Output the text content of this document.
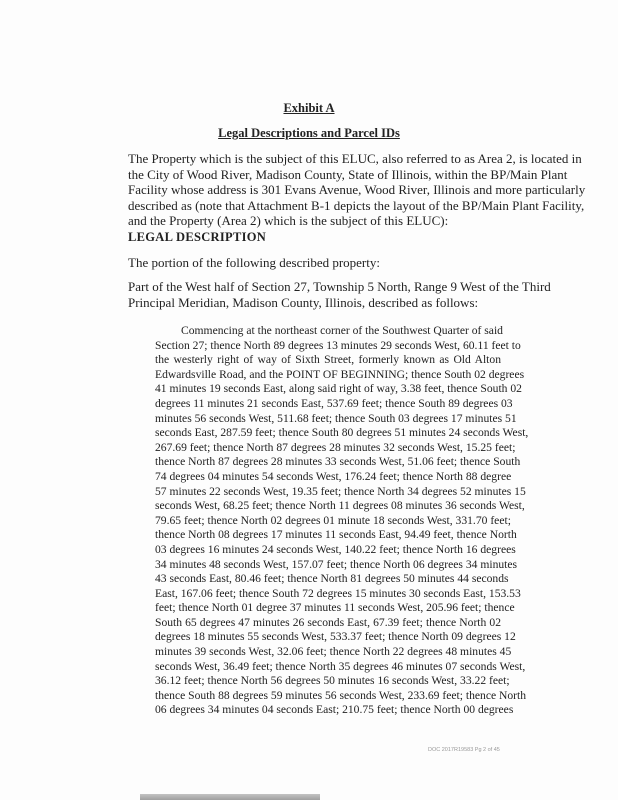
Exhibit A
Legal Descriptions and Parcel IDs
The Property which is the subject of this ELUC, also referred to as Area 2, is located in
the City of Wood River, Madison County, State of Illinois, within the BP/Main Plant
Facility whose address is 301 Evans Avenue, Wood River, Illinois and more particularly
described as (note that Attachment B-1 depicts the layout of the BP/Main Plant Facility,
and the Property (Area 2) which is the subject of this ELUC):
LEGAL DESCRIPTION
The portion of the following described property:
Part of the West half of Section 27, Township 5 North, Range 9 West of the Third
Principal Meridian, Madison County, Illinois, described as follows:
Commencing at the northeast corner of the Southwest Quarter of said
Section 27; thence North 89 degrees 13 minutes 29 seconds West, 60.11 feet to
the westerly right of way of Sixth Street, formerly known as Old Alton
Edwardsville Road, and the POINT OF BEGINNING; thence South 02 degrees
41 minutes 19 seconds East, along said right of way, 3.38 feet, thence South 02
degrees 11 minutes 21 seconds East, 537.69 feet; thence South 89 degrees 03
minutes 56 seconds West, 511.68 feet; thence South 03 degrees 17 minutes 51
seconds East, 287.59 feet; thence South 80 degrees 51 minutes 24 seconds West,
267.69 feet; thence North 87 degrees 28 minutes 32 seconds West, 15.25 feet;
thence North 87 degrees 28 minutes 33 seconds West, 51.06 feet; thence South
74 degrees 04 minutes 54 seconds West, 176.24 feet; thence North 88 degree
57 minutes 22 seconds West, 19.35 feet; thence North 34 degrees 52 minutes 15
seconds West, 68.25 feet; thence North 11 degrees 08 minutes 36 seconds West,
79.65 feet; thence North 02 degrees 01 minute 18 seconds West, 331.70 feet;
thence North 08 degrees 17 minutes 11 seconds East, 94.49 feet, thence North
03 degrees 16 minutes 24 seconds West, 140.22 feet; thence North 16 degrees
34 minutes 48 seconds West, 157.07 feet; thence North 06 degrees 34 minutes
43 seconds East, 80.46 feet; thence North 81 degrees 50 minutes 44 seconds
East, 167.06 feet; thence South 72 degrees 15 minutes 30 seconds East, 153.53
feet; thence North 01 degree 37 minutes 11 seconds West, 205.96 feet; thence
South 65 degrees 47 minutes 26 seconds East, 67.39 feet; thence North 02
degrees 18 minutes 55 seconds West, 533.37 feet; thence North 09 degrees 12
minutes 39 seconds West, 32.06 feet; thence North 22 degrees 48 minutes 45
seconds West, 36.49 feet; thence North 35 degrees 46 minutes 07 seconds West,
36.12 feet; thence North 56 degrees 50 minutes 16 seconds West, 33.22 feet;
thence South 88 degrees 59 minutes 56 seconds West, 233.69 feet; thence North
06 degrees 34 minutes 04 seconds East; 210.75 feet; thence North 00 degrees
DOC 2017R19583 Pg 2 of 45
